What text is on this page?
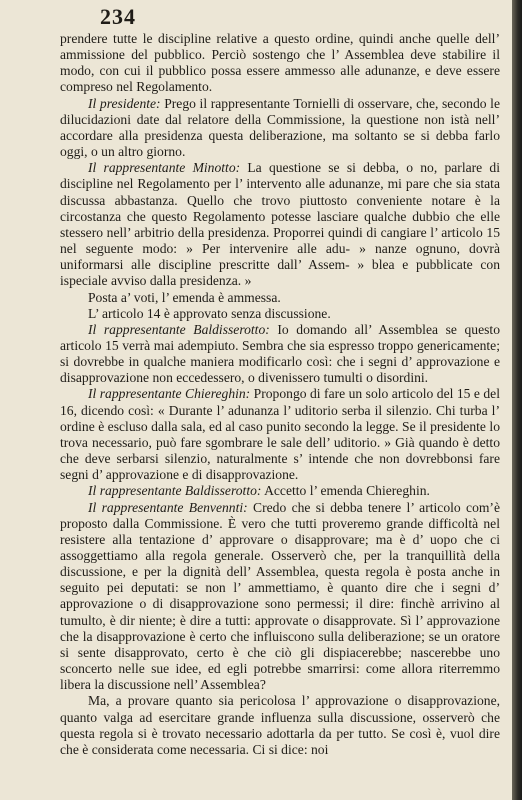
234

prendere tutte le discipline relative a questo ordine, quindi anche quelle dell’ ammissione del pubblico. Perciò sostengo che l’ Assemblea deve stabilire il modo, con cui il pubblico possa essere ammesso alle adunanze, e deve essere compreso nel Regolamento.

Il presidente: Prego il rappresentante Tornielli di osservare, che, secondo le dilucidazioni date dal relatore della Commissione, la questione non istà nell’ accordare alla presidenza questa deliberazione, ma soltanto se si debba farlo oggi, o un altro giorno.

Il rappresentante Minotto: La questione se si debba, o no, parlare di discipline nel Regolamento per l’ intervento alle adunanze, mi pare che sia stata discussa abbastanza. Quello che trovo piuttosto conveniente notare è la circostanza che questo Regolamento potesse lasciare qualche dubbio che elle stessero nell’ arbitrio della presidenza. Proporrei quindi di cangiare l’ articolo 15 nel seguente modo: » Per intervenire alle adu- » nanze ognuno, dovrà uniformarsi alle discipline prescritte dall’ Assem- » blea e pubblicate con ispeciale avviso dalla presidenza. »

Posta a’ voti, l’ emenda è ammessa.

L’ articolo 14 è approvato senza discussione.

Il rappresentante Baldisserotto: Io domando all’ Assemblea se questo articolo 15 verrà mai adempiuto. Sembra che sia espresso troppo genericamente; si dovrebbe in qualche maniera modificarlo così: che i segni d’ approvazione e disapprovazione non eccedessero, o divenissero tumulti o disordini.

Il rappresentante Chiereghin: Propongo di fare un solo articolo del 15 e del 16, dicendo così: « Durante l’ adunanza l’ uditorio serba il silenzio. Chi turba l’ ordine è escluso dalla sala, ed al caso punito secondo la legge. Se il presidente lo trova necessario, può fare sgombrare le sale dell’ uditorio. » Già quando è detto che deve serbarsi silenzio, naturalmente s’ intende che non dovrebbonsi fare segni d’ approvazione e di disapprovazione.

Il rappresentante Baldisserotto: Accetto l’ emenda Chiereghin.

Il rappresentante Benvennti: Credo che si debba tenere l’ articolo com’è proposto dalla Commissione. È vero che tutti proveremo grande difficoltà nel resistere alla tentazione d’ approvare o disapprovare; ma è d’ uopo che ci assoggettiamo alla regola generale. Osserverò che, per la tranquillità della discussione, e per la dignità dell’ Assemblea, questa regola è posta anche in seguito pei deputati: se non l’ ammettiamo, è quanto dire che i segni d’ approvazione o di disapprovazione sono permessi; il dire: finchè arrivino al tumulto, è dir niente; è dire a tutti: approvate o disapprovate. Sì l’ approvazione che la disapprovazione è certo che influiscono sulla deliberazione; se un oratore si sente disapprovato, certo è che ciò gli dispiacerebbe; nascerebbe uno sconcerto nelle sue idee, ed egli potrebbe smarrirsi: come allora riterremmo libera la discussione nell’ Assemblea?

Ma, a provare quanto sia pericolosa l’ approvazione o disapprovazione, quanto valga ad esercitare grande influenza sulla discussione, osserverò che questa regola si è trovato necessario adottarla da per tutto. Se così è, vuol dire che è considerata come necessaria. Ci si dice: noi
